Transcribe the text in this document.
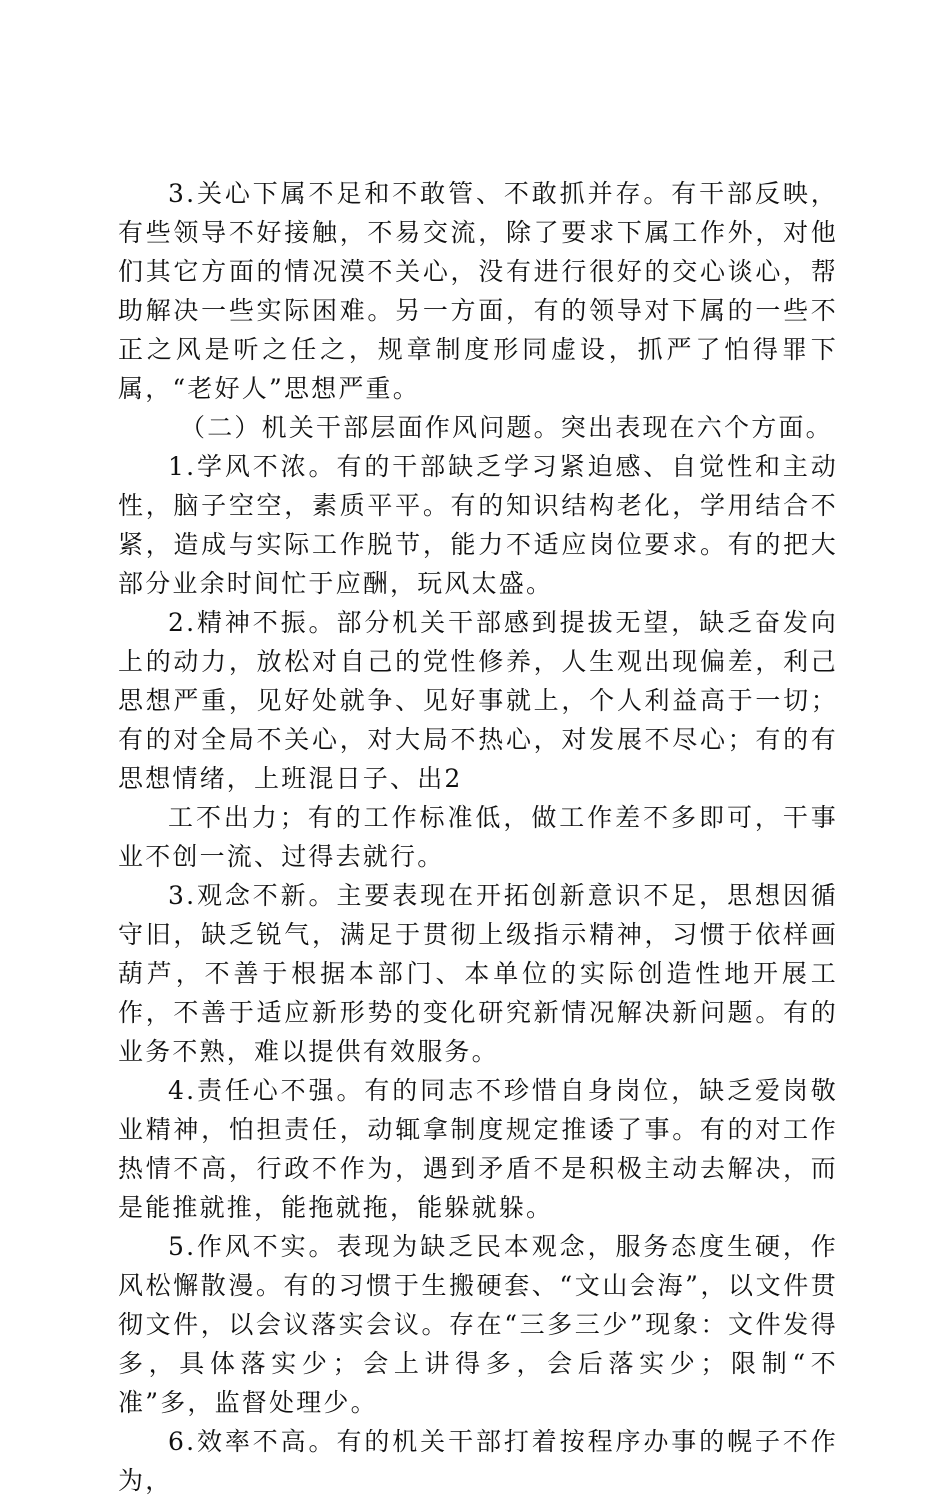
3.关心下属不足和不敢管、不敢抓并存。有干部反映，有些领导不好接触，不易交流，除了要求下属工作外，对他们其它方面的情况漠不关心，没有进行很好的交心谈心，帮助解决一些实际困难。另一方面，有的领导对下属的一些不正之风是听之任之，规章制度形同虚设，抓严了怕得罪下属，“老好人”思想严重。

（二）机关干部层面作风问题。突出表现在六个方面。

1.学风不浓。有的干部缺乏学习紧迫感、自觉性和主动性，脑子空空，素质平平。有的知识结构老化，学用结合不紧，造成与实际工作脱节，能力不适应岗位要求。有的把大部分业余时间忙于应酬，玩风太盛。

2.精神不振。部分机关干部感到提拔无望，缺乏奋发向上的动力，放松对自己的党性修养，人生观出现偏差，利己思想严重，见好处就争、见好事就上，个人利益高于一切；有的对全局不关心，对大局不热心，对发展不尽心；有的有思想情绪，上班混日子、出2

工不出力；有的工作标准低，做工作差不多即可，干事业不创一流、过得去就行。

3.观念不新。主要表现在开拓创新意识不足，思想因循守旧，缺乏锐气，满足于贯彻上级指示精神，习惯于依样画葫芦，不善于根据本部门、本单位的实际创造性地开展工作，不善于适应新形势的变化研究新情况解决新问题。有的业务不熟，难以提供有效服务。

4.责任心不强。有的同志不珍惜自身岗位，缺乏爱岗敬业精神，怕担责任，动辄拿制度规定推诿了事。有的对工作热情不高，行政不作为，遇到矛盾不是积极主动去解决，而是能推就推，能拖就拖，能躲就躲。

5.作风不实。表现为缺乏民本观念，服务态度生硬，作风松懈散漫。有的习惯于生搬硬套、“文山会海”，以文件贯彻文件，以会议落实会议。存在“三多三少”现象：文件发得多，具体落实少；会上讲得多，会后落实少；限制“不准”多，监督处理少。

6.效率不高。有的机关干部打着按程序办事的幌子不作为，
